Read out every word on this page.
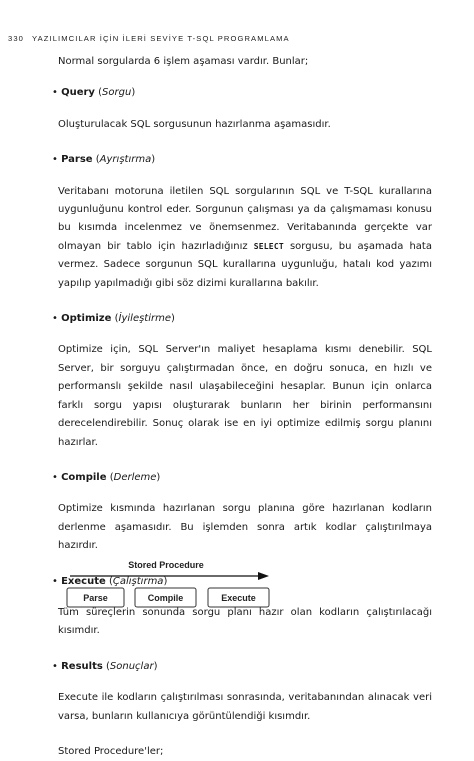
330 YAZILIMCILAR İÇİN İLERİ SEVİYE T-SQL PROGRAMLAMA

Normal sorgularda 6 işlem aşaması vardır. Bunlar;

• Query (Sorgu)

Oluşturulacak SQL sorgusunun hazırlanma aşamasıdır.

• Parse (Ayrıştırma)

Veritabanı motoruna iletilen SQL sorgularının SQL ve T-SQL kurallarına uygunluğunu kontrol eder. Sorgunun çalışması ya da çalışmaması konusu bu kısımda incelenmez ve önemsenmez. Veritabanında gerçekte var olmayan bir tablo için hazırladığınız SELECT sorgusu, bu aşamada hata vermez. Sadece sorgunun SQL kurallarına uygunluğu, hatalı kod yazımı yapılıp yapılmadığı gibi söz dizimi kurallarına bakılır.

• Optimize (İyileştirme)

Optimize için, SQL Server'ın maliyet hesaplama kısmı denebilir. SQL Server, bir sorguyu çalıştırmadan önce, en doğru sonuca, en hızlı ve performanslı şekilde nasıl ulaşabileceğini hesaplar. Bunun için onlarca farklı sorgu yapısı oluşturarak bunların her birinin performansını derecelendirebilir. Sonuç olarak ise en iyi optimize edilmiş sorgu planını hazırlar.

• Compile (Derleme)

Optimize kısmında hazırlanan sorgu planına göre hazırlanan kodların derlenme aşamasıdır. Bu işlemden sonra artık kodlar çalıştırılmaya hazırdır.

• Execute (Çalıştırma)

Tüm süreçlerin sonunda sorgu planı hazır olan kodların çalıştırılacağı kısımdır.

• Results (Sonuçlar)

Execute ile kodların çalıştırılması sonrasında, veritabanından alınacak veri varsa, bunların kullanıcıya görüntülendiği kısımdır.

Stored Procedure'ler;

Stored Procedure
Parse	Compile	Execute
